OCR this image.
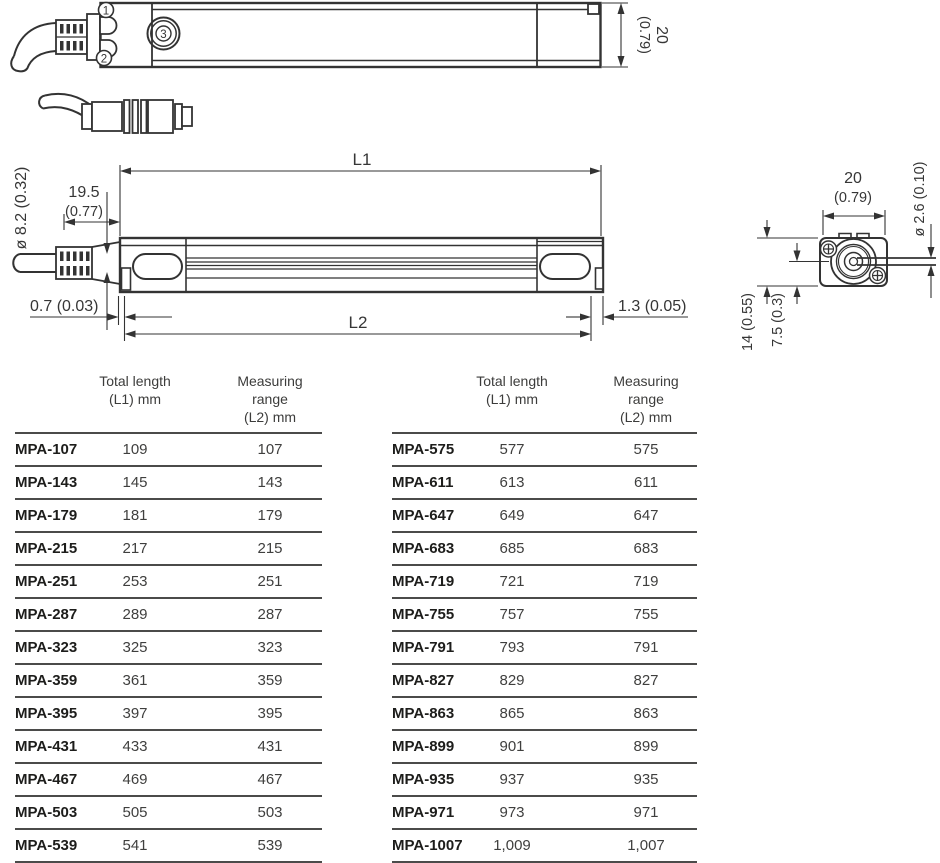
1
2
3	20
(0.79)
L1
19.5
(0.77)
ø 8.2 (0.32)
0.7 (0.03)	1.3 (0.05)
L2
20
(0.79)	ø 2.6 (0.10)
14 (0.55) 7.5 (0.3)
	Total length
(L1) mm	Measuring range
(L2) mm
MPA-107	109	107
MPA-143	145	143
MPA-179	181	179
MPA-215	217	215
MPA-251	253	251
MPA-287	289	287
MPA-323	325	323
MPA-359	361	359
MPA-395	397	395
MPA-431	433	431
MPA-467	469	467
MPA-503	505	503
MPA-539	541	539
	Total length
(L1) mm	Measuring range
(L2) mm
MPA-575	577	575
MPA-611	613	611
MPA-647	649	647
MPA-683	685	683
MPA-719	721	719
MPA-755	757	755
MPA-791	793	791
MPA-827	829	827
MPA-863	865	863
MPA-899	901	899
MPA-935	937	935
MPA-971	973	971
MPA-1007	1,009	1,007
